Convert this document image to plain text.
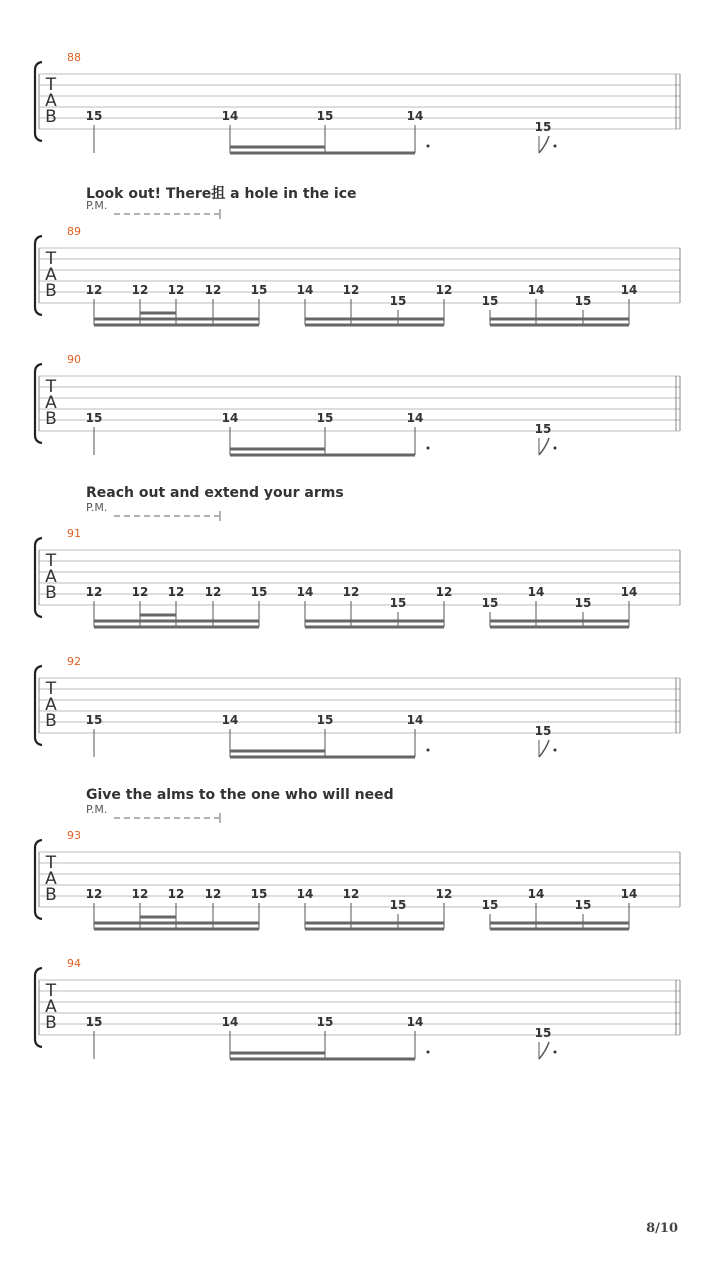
88
T
A
B 15	14	15	14
15
89
T
A
B 12 12 12 12 15 14 12
15
12
15
14
15
14
90
T
A
B 15	14	15	14
15
91
T
A
B 12 12 12 12 15 14 12
15
12
15
14
15
14
92
T
A
B 15	14	15	14
15
93
T
A
B 12 12 12 12 15 14 12
15
12
15
14
15
14
94
T
A
B 15	14	15	14
15
Look out! There抯 a hole in the ice
P.M.
Reach out and extend your arms
P.M.
Give the alms to the one who will need
P.M.
8/10
